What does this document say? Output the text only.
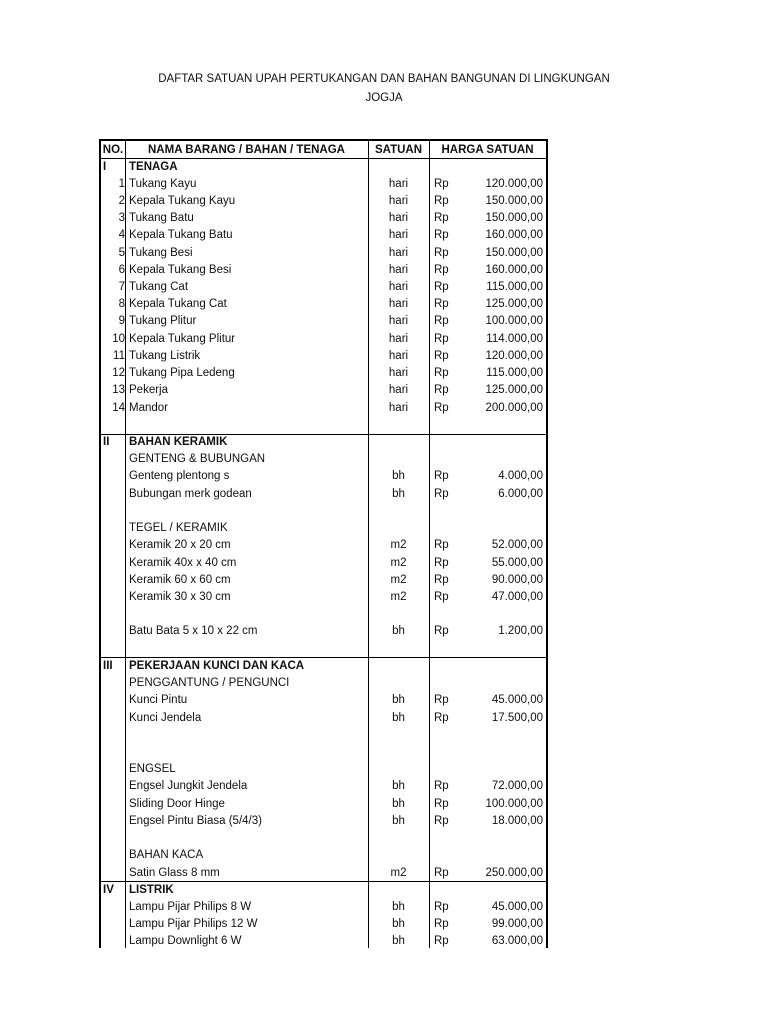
DAFTAR SATUAN UPAH PERTUKANGAN DAN BAHAN BANGUNAN DI LINGKUNGAN
JOGJA
NO.	NAMA BARANG / BAHAN / TENAGA	SATUAN	HARGA SATUAN
I TENAGA
1 Tukang Kayu	hari	Rp	120.000,00
2 Kepala Tukang Kayu	hari	Rp	150.000,00
3 Tukang Batu	hari	Rp	150.000,00
4 Kepala Tukang Batu	hari	Rp	160.000,00
5 Tukang Besi	hari	Rp	150.000,00
6 Kepala Tukang Besi	hari	Rp	160.000,00
7 Tukang Cat	hari	Rp	115.000,00
8 Kepala Tukang Cat	hari	Rp	125.000,00
9 Tukang Plitur	hari	Rp	100.000,00
10 Kepala Tukang Plitur	hari	Rp	114.000,00
11 Tukang Listrik	hari	Rp	120.000,00
12 Tukang Pipa Ledeng	hari	Rp	115.000,00
13 Pekerja	hari	Rp	125.000,00
14 Mandor	hari	Rp	200.000,00
II BAHAN KERAMIK
GENTENG & BUBUNGAN
Genteng plentong s	bh	Rp	4.000,00
Bubungan merk godean	bh	Rp	6.000,00
TEGEL / KERAMIK
Keramik 20 x 20 cm	m2	Rp	52.000,00
Keramik 40x x 40 cm	m2	Rp	55.000,00
Keramik 60 x 60 cm	m2	Rp	90.000,00
Keramik 30 x 30 cm	m2	Rp	47.000,00
Batu Bata 5 x 10 x 22 cm	bh	Rp	1.200,00
III PEKERJAAN KUNCI DAN KACA
PENGGANTUNG / PENGUNCI
Kunci Pintu	bh	Rp	45.000,00
Kunci Jendela	bh	Rp	17.500,00
ENGSEL
Engsel Jungkit Jendela	bh	Rp	72.000,00
Sliding Door Hinge	bh	Rp	100.000,00
Engsel Pintu Biasa (5/4/3)	bh	Rp	18.000,00
BAHAN KACA
Satin Glass 8 mm	m2	Rp	250.000,00
IV LISTRIK
Lampu Pijar Philips 8 W	bh	Rp	45.000,00
Lampu Pijar Philips 12 W	bh	Rp	99.000,00
Lampu Downlight 6 W	bh	Rp	63.000,00
